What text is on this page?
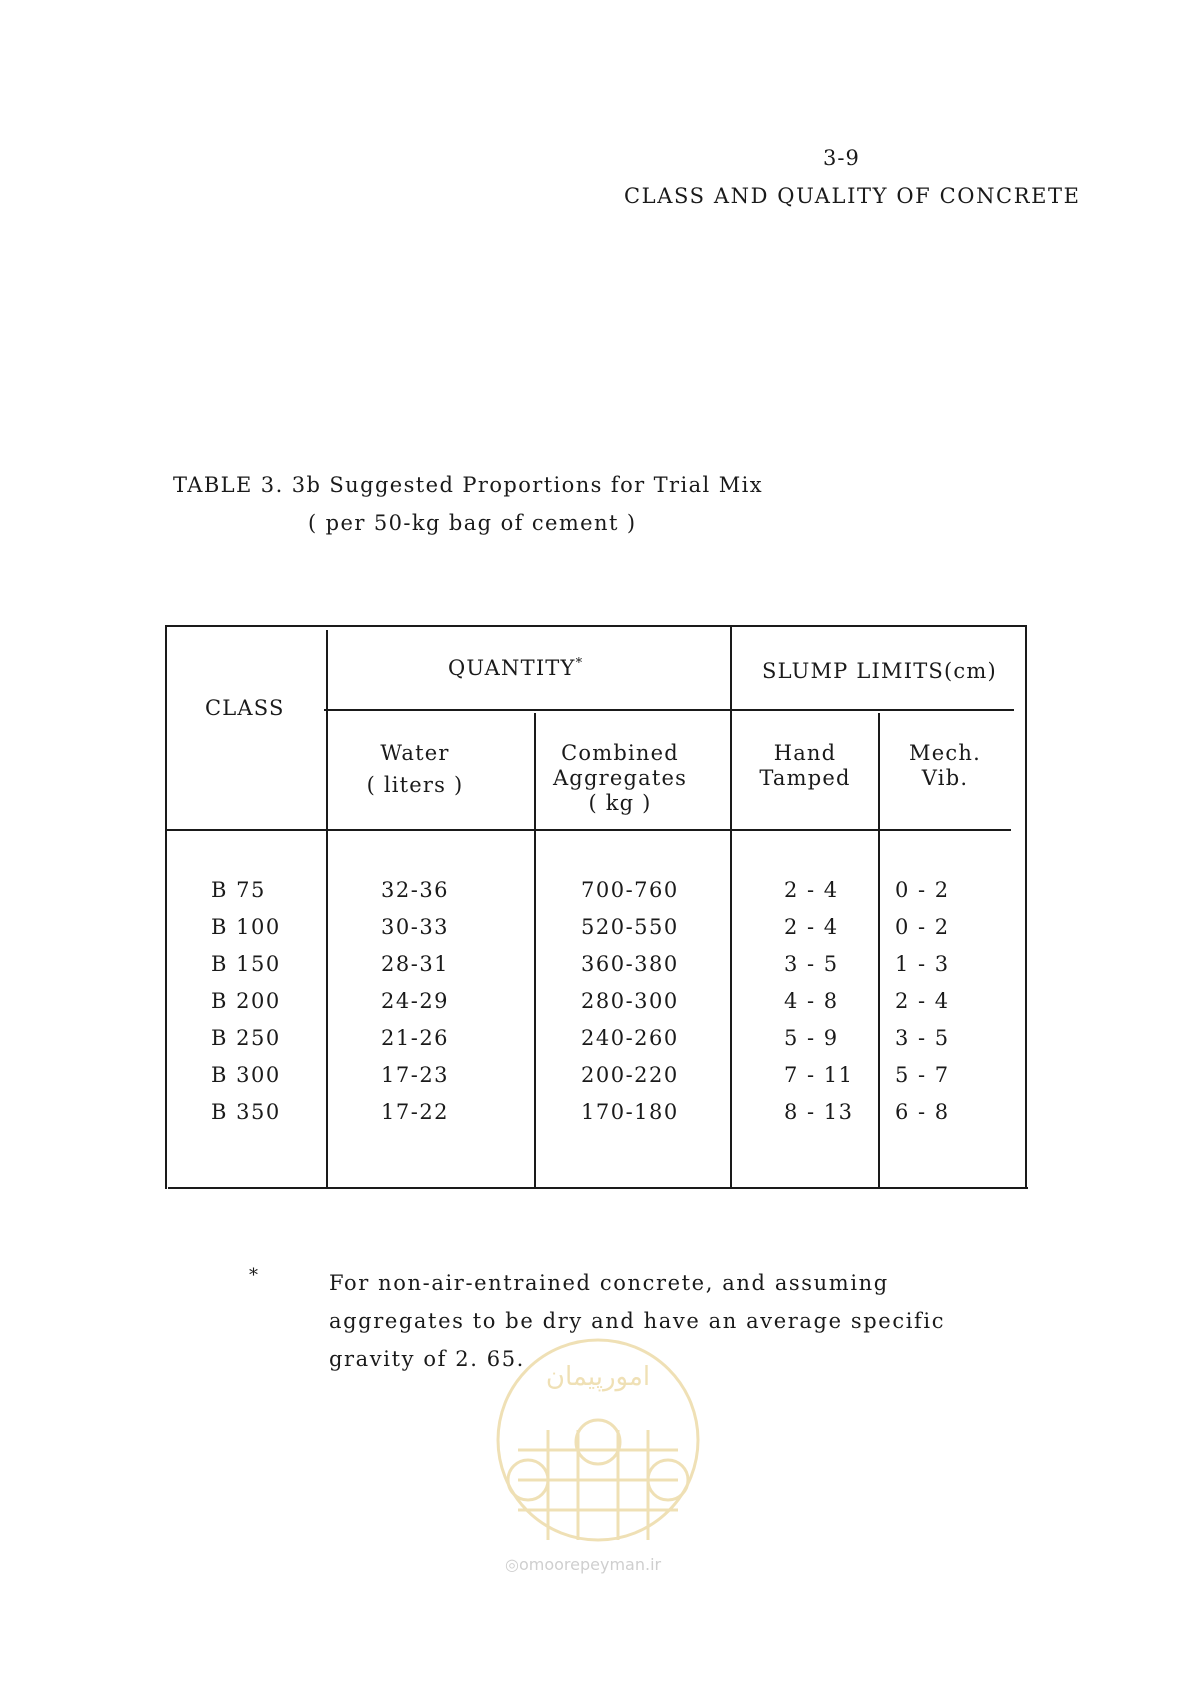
3-9
CLASS AND QUALITY OF CONCRETE
TABLE 3. 3b Suggested Proportions for Trial Mix
( per 50-kg bag of cement )
CLASS
QUANTITY*	SLUMP LIMITS(cm)
Water
( liters )
Combined
Aggregates
( kg )
Hand
Tamped
Mech.
Vib.
B 75
B 100
B 150
B 200
B 250
B 300
B 350
32-36
30-33
28-31
24-29
21-26
17-23
17-22
700-760
520-550
360-380
280-300
240-260
200-220
170-180
2 - 4
2 - 4
3 - 5
4 - 8
5 - 9
7 - 11
8 - 13
0 - 2
0 - 2
1 - 3
2 - 4
3 - 5
5 - 7
6 - 8
*	For non-air-entrained concrete, and assuming aggregates to be dry and have an average specific gravity of 2. 65.
امورپیمان
◎omoorepeyman.ir
